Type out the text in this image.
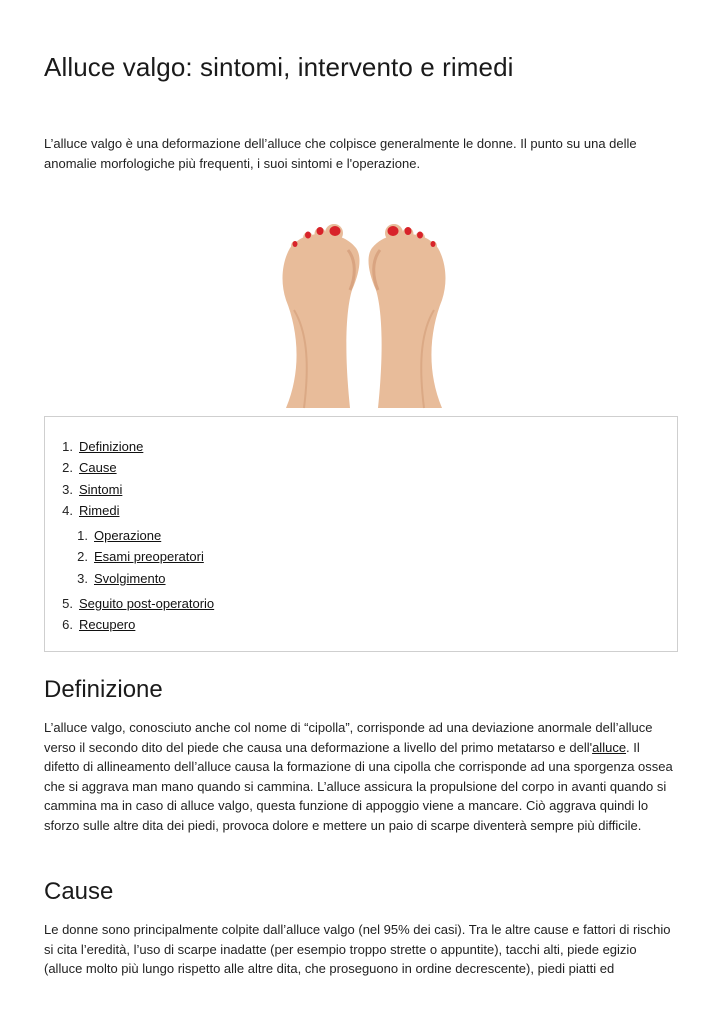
Alluce valgo: sintomi, intervento e rimedi

L’alluce valgo è una deformazione dell’alluce che colpisce generalmente le donne. Il punto su una delle anomalie morfologiche più frequenti, i suoi sintomi e l'operazione.

1. Definizione
2. Cause
3. Sintomi
4. Rimedi
1. Operazione
2. Esami preoperatori
3. Svolgimento
5. Seguito post-operatorio
6. Recupero
Definizione

L’alluce valgo, conosciuto anche col nome di “cipolla”, corrisponde ad una deviazione anormale dell’alluce verso il secondo dito del piede che causa una deformazione a livello del primo metatarso e dell'alluce. Il difetto di allineamento dell’alluce causa la formazione di una cipolla che corrisponde ad una sporgenza ossea che si aggrava man mano quando si cammina. L’alluce assicura la propulsione del corpo in avanti quando si cammina ma in caso di alluce valgo, questa funzione di appoggio viene a mancare. Ciò aggrava quindi lo sforzo sulle altre dita dei piedi, provoca dolore e mettere un paio di scarpe diventerà sempre più difficile.

Cause

Le donne sono principalmente colpite dall’alluce valgo (nel 95% dei casi). Tra le altre cause e fattori di rischio si cita l’eredità, l’uso di scarpe inadatte (per esempio troppo strette o appuntite), tacchi alti, piede egizio (alluce molto più lungo rispetto alle altre dita, che proseguono in ordine decrescente), piedi piatti ed
